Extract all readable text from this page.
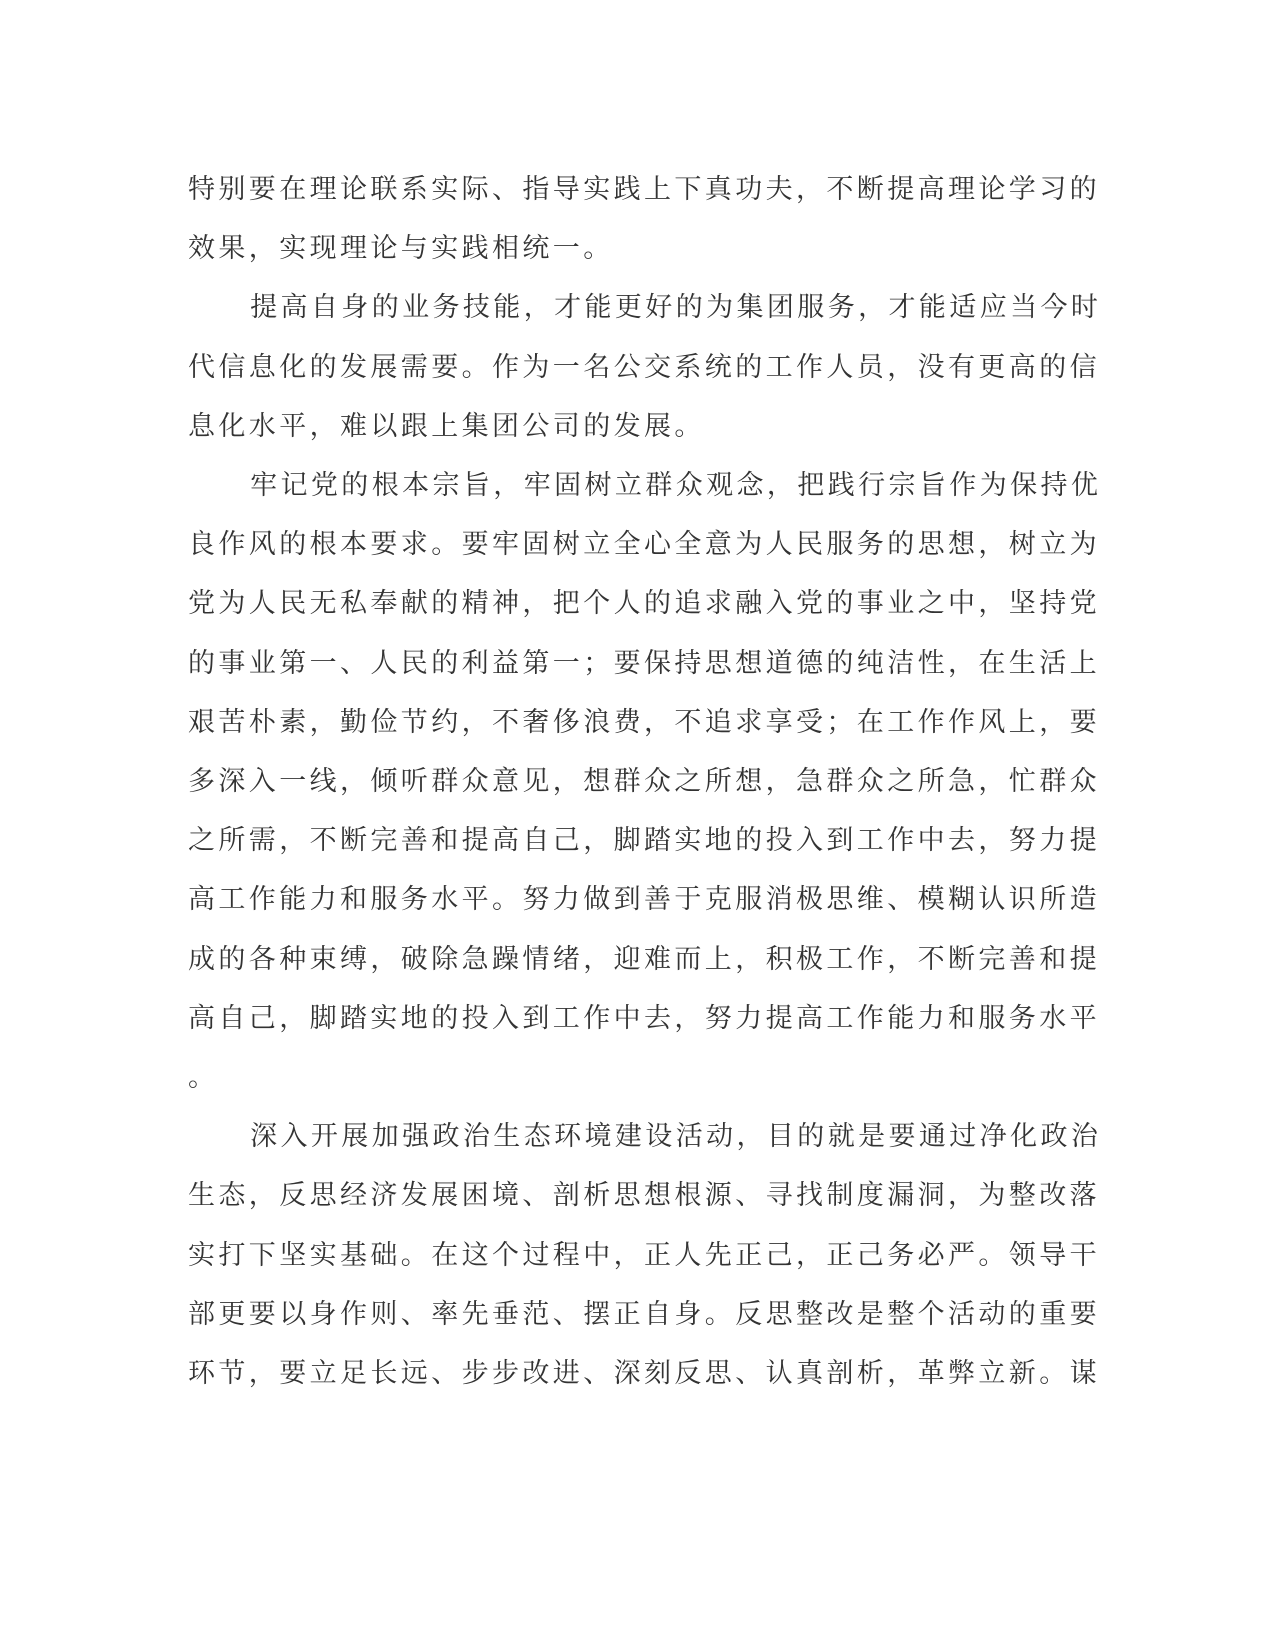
特别要在理论联系实际、指导实践上下真功夫，不断提高理论学习的
效果，实现理论与实践相统一。
提高自身的业务技能，才能更好的为集团服务，才能适应当今时
代信息化的发展需要。作为一名公交系统的工作人员，没有更高的信
息化水平，难以跟上集团公司的发展。
牢记党的根本宗旨，牢固树立群众观念，把践行宗旨作为保持优
良作风的根本要求。要牢固树立全心全意为人民服务的思想，树立为
党为人民无私奉献的精神，把个人的追求融入党的事业之中，坚持党
的事业第一、人民的利益第一；要保持思想道德的纯洁性，在生活上
艰苦朴素，勤俭节约，不奢侈浪费，不追求享受；在工作作风上，要
多深入一线，倾听群众意见，想群众之所想，急群众之所急，忙群众
之所需，不断完善和提高自己，脚踏实地的投入到工作中去，努力提
高工作能力和服务水平。努力做到善于克服消极思维、模糊认识所造
成的各种束缚，破除急躁情绪，迎难而上，积极工作，不断完善和提
高自己，脚踏实地的投入到工作中去，努力提高工作能力和服务水平
。
深入开展加强政治生态环境建设活动，目的就是要通过净化政治
生态，反思经济发展困境、剖析思想根源、寻找制度漏洞，为整改落
实打下坚实基础。在这个过程中，正人先正己，正己务必严。领导干
部更要以身作则、率先垂范、摆正自身。反思整改是整个活动的重要
环节，要立足长远、步步改进、深刻反思、认真剖析，革弊立新。谋
